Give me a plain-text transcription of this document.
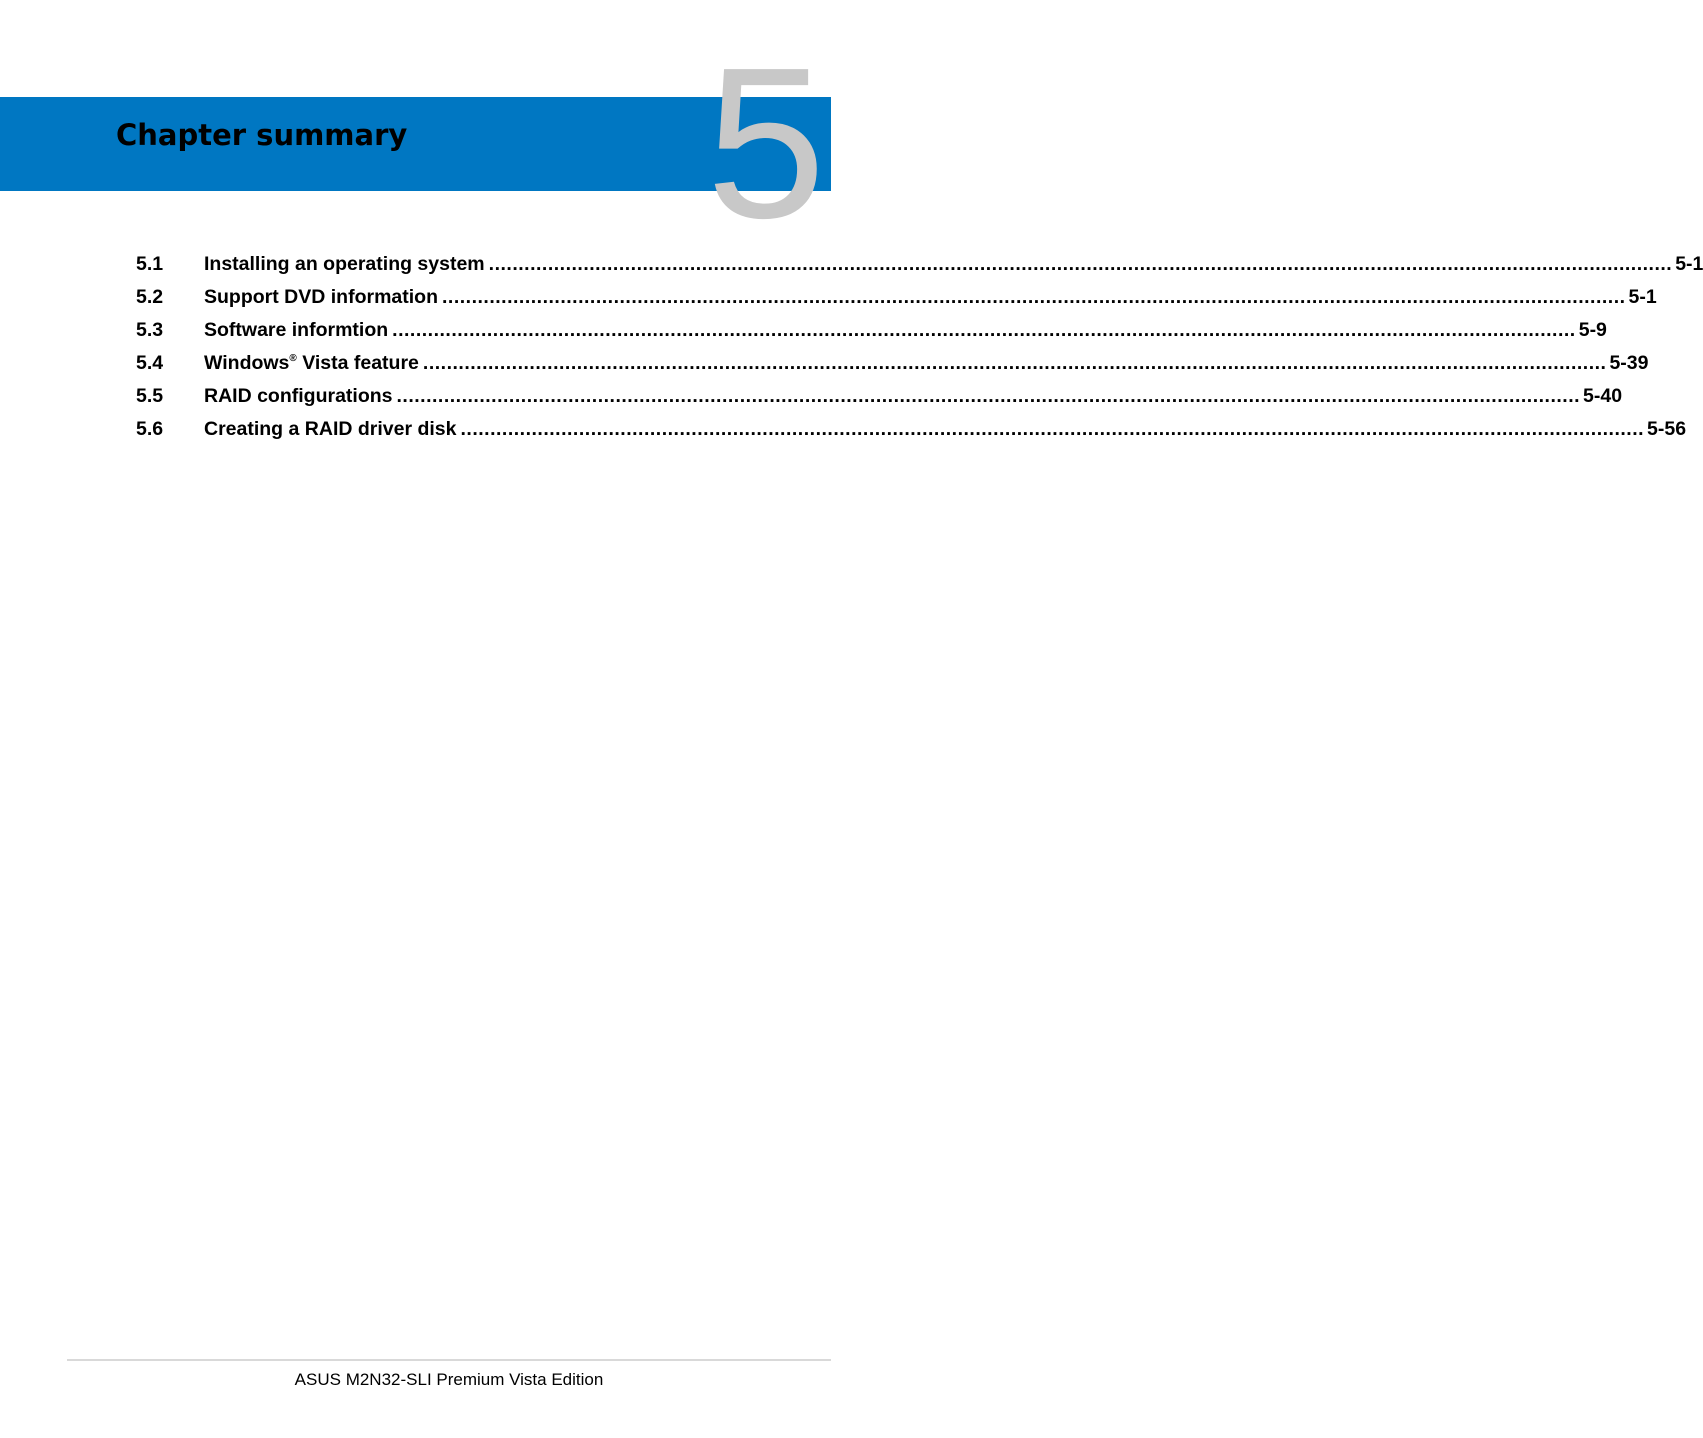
Chapter summary 5
5.1	Installing an operating system ........................................................................................................................................................................................................ 5-1
5.2	Support DVD information ........................................................................................................................................................................................................ 5-1
5.3	Software informtion ........................................................................................................................................................................................................ 5-9
5.4	Windows® Vista feature ........................................................................................................................................................................................................ 5-39
5.5	RAID configurations ........................................................................................................................................................................................................ 5-40
5.6	Creating a RAID driver disk ........................................................................................................................................................................................................ 5-56
ASUS M2N32-SLI Premium Vista Edition
